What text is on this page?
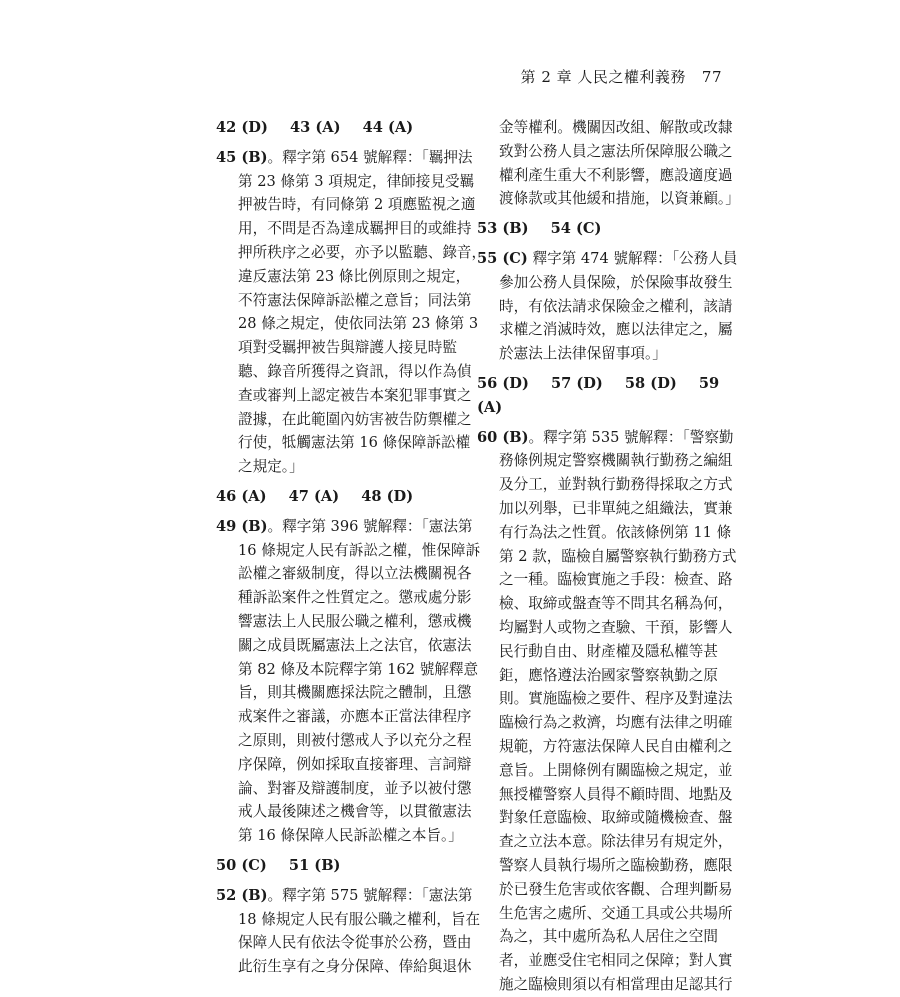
第 2 章 人民之權利義務 77

42 (D) 43 (A) 44 (A)

45 (B)。釋字第 654 號解釋：「羈押法
第 23 條第 3 項規定，律師接見受羈
押被告時，有同條第 2 項應監視之適
用，不問是否為達成羈押目的或維持
押所秩序之必要，亦予以監聽、錄音，
違反憲法第 23 條比例原則之規定，
不符憲法保障訴訟權之意旨；同法第
28 條之規定，使依同法第 23 條第 3
項對受羈押被告與辯護人接見時監
聽、錄音所獲得之資訊，得以作為偵
查或審判上認定被告本案犯罪事實之
證據，在此範圍內妨害被告防禦權之
行使，牴觸憲法第 16 條保障訴訟權
之規定。」

46 (A) 47 (A) 48 (D)

49 (B)。釋字第 396 號解釋：「憲法第
16 條規定人民有訴訟之權，惟保障訴
訟權之審級制度，得以立法機關視各
種訴訟案件之性質定之。懲戒處分影
響憲法上人民服公職之權利，懲戒機
關之成員既屬憲法上之法官，依憲法
第 82 條及本院釋字第 162 號解釋意
旨，則其機關應採法院之體制，且懲
戒案件之審議，亦應本正當法律程序
之原則，則被付懲戒人予以充分之程
序保障，例如採取直接審理、言詞辯
論、對審及辯護制度，並予以被付懲
戒人最後陳述之機會等，以貫徹憲法
第 16 條保障人民訴訟權之本旨。」

50 (C) 51 (B)

52 (B)。釋字第 575 號解釋：「憲法第
18 條規定人民有服公職之權利，旨在
保障人民有依法令從事於公務，暨由
此衍生享有之身分保障、俸給與退休
金等權利。機關因改組、解散或改隸
致對公務人員之憲法所保障服公職之
權利產生重大不利影響，應設適度過
渡條款或其他緩和措施，以資兼顧。」

53 (B) 54 (C)

55 (C) 釋字第 474 號解釋：「公務人員
參加公務人員保險，於保險事故發生
時，有依法請求保險金之權利，該請
求權之消滅時效，應以法律定之，屬
於憲法上法律保留事項。」

56 (D) 57 (D) 58 (D) 59 (A)

60 (B)。釋字第 535 號解釋：「警察勤
務條例規定警察機關執行勤務之編組
及分工，並對執行勤務得採取之方式
加以列舉，已非單純之組織法，實兼
有行為法之性質。依該條例第 11 條
第 2 款，臨檢自屬警察執行勤務方式
之一種。臨檢實施之手段：檢查、路
檢、取締或盤查等不問其名稱為何，
均屬對人或物之查驗、干預，影響人
民行動自由、財產權及隱私權等甚
鉅，應恪遵法治國家警察執勤之原
則。實施臨檢之要件、程序及對違法
臨檢行為之救濟，均應有法律之明確
規範，方符憲法保障人民自由權利之
意旨。上開條例有關臨檢之規定，並
無授權警察人員得不顧時間、地點及
對象任意臨檢、取締或隨機檢查、盤
查之立法本意。除法律另有規定外，
警察人員執行場所之臨檢勤務，應限
於已發生危害或依客觀、合理判斷易
生危害之處所、交通工具或公共場所
為之，其中處所為私人居住之空間
者，並應受住宅相同之保障；對人實
施之臨檢則須以有相當理由足認其行
